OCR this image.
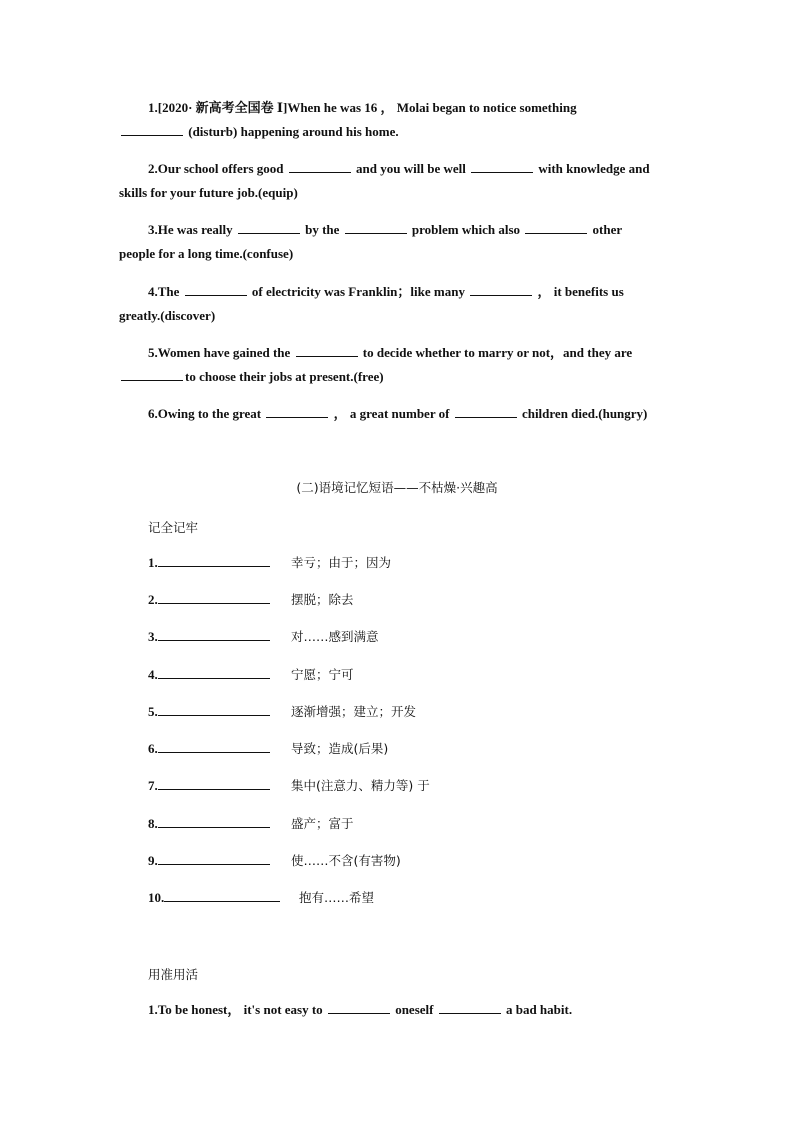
1.[2020· 新高考全国卷 Ⅰ]When he was 16 ， Molai began to notice something
(disturb) happening around his home.
2.Our school offers good	and you will be well	with knowledge and
skills for your future job.(equip)
3.He was really	by the	problem which also	other
people for a long time.(confuse)
4.The	of electricity was Franklin；like many	， it benefits us
greatly.(discover)
5.Women have gained the	to decide whether to marry or not，and they are
to choose their jobs at present.(free)
6.Owing to the great	， a great number of	children died.(hungry)
(二)语境记忆短语——不枯燥·兴趣高
记全记牢
1.	幸亏；由于；因为
2.	摆脱；除去
3.	对……感到满意
4.	宁愿；宁可
5.	逐渐增强；建立；开发
6.	导致；造成(后果)
7.	集中(注意力、精力等) 于
8.	盛产；富于
9.	使……不含(有害物)
10.	抱有……希望
用准用活
1.To be honest， it's not easy to	oneself	a bad habit.
